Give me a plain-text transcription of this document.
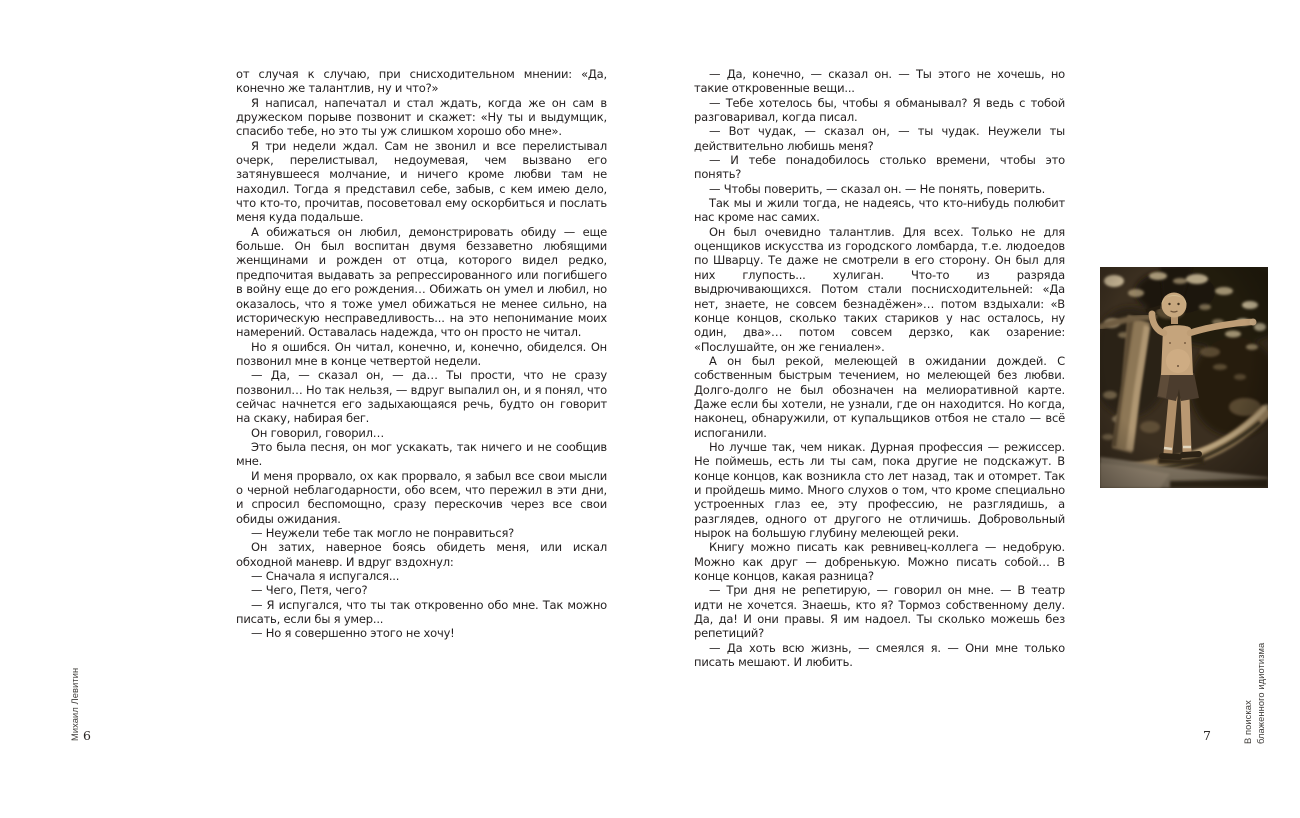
Михаил Левитин 6

от случая к случаю, при снисходительном мнении: «Да, конечно же талантлив, ну и что?»

Я написал, напечатал и стал ждать, когда же он сам в дружеском порыве позвонит и скажет: «Ну ты и выдумщик, спасибо тебе, но это ты уж слишком хорошо обо мне».

Я три недели ждал. Сам не звонил и все перелистывал очерк, перелистывал, недоумевая, чем вызвано его затянувшееся молчание, и ничего кроме любви там не находил. Тогда я представил себе, забыв, с кем имею дело, что кто-то, прочитав, посоветовал ему оскорбиться и послать меня куда подальше.

А обижаться он любил, демонстрировать обиду — еще больше. Он был воспитан двумя беззаветно любящими женщинами и рожден от отца, которого видел редко, предпочитая выдавать за репрессированного или погибшего в войну еще до его рождения… Обижать он умел и любил, но оказалось, что я тоже умел обижаться не менее сильно, на историческую несправедливость... на это непонимание моих намерений. Оставалась надежда, что он просто не читал.

Но я ошибся. Он читал, конечно, и, конечно, обиделся. Он позвонил мне в конце четвертой недели.

— Да, — сказал он, — да… Ты прости, что не сразу позвонил… Но так нельзя, — вдруг выпалил он, и я понял, что сейчас начнется его задыхающаяся речь, будто он говорит на скаку, набирая бег.

Он говорил, говорил…

Это была песня, он мог ускакать, так ничего и не сообщив мне.

И меня прорвало, ох как прорвало, я забыл все свои мысли о черной неблагодарности, обо всем, что пережил в эти дни, и спросил беспомощно, сразу перескочив через все свои обиды ожидания.

— Неужели тебе так могло не понравиться?

Он затих, наверное боясь обидеть меня, или искал обходной маневр. И вдруг вздохнул:

— Сначала я испугался...

— Чего, Петя, чего?

— Я испугался, что ты так откровенно обо мне. Так можно писать, если бы я умер...

— Но я совершенно этого не хочу!

— Да, конечно, — сказал он. — Ты этого не хочешь, но такие откровенные вещи...

— Тебе хотелось бы, чтобы я обманывал? Я ведь с тобой разговаривал, когда писал.

— Вот чудак, — сказал он, — ты чудак. Неужели ты действительно любишь меня?

— И тебе понадобилось столько времени, чтобы это понять?

— Чтобы поверить, — сказал он. — Не понять, поверить.

Так мы и жили тогда, не надеясь, что кто-нибудь полюбит нас кроме нас самих.

Он был очевидно талантлив. Для всех. Только не для оценщиков искусства из городского ломбарда, т.е. людоедов по Шварцу. Те даже не смотрели в его сторону. Он был для них глупость... хулиган. Что-то из разряда выдрючивающихся. Потом стали поснисходительней: «Да нет, знаете, не совсем безнадёжен»… потом вздыхали: «В конце концов, сколько таких стариков у нас осталось, ну один, два»… потом совсем дерзко, как озарение: «Послушайте, он же гениален».

А он был рекой, мелеющей в ожидании дождей. С собственным быстрым течением, но мелеющей без любви. Долго-долго не был обозначен на мелиоративной карте. Даже если бы хотели, не узнали, где он находится. Но когда, наконец, обнаружили, от купальщиков отбоя не стало — всё испоганили.

Но лучше так, чем никак. Дурная профессия — режиссер. Не поймешь, есть ли ты сам, пока другие не подскажут. В конце концов, как возникла сто лет назад, так и отомрет. Так и пройдешь мимо. Много слухов о том, что кроме специально устроенных глаз ее, эту профессию, не разглядишь, а разглядев, одного от другого не отличишь. Добровольный нырок на большую глубину мелеющей реки.

Книгу можно писать как ревнивец-коллега — недобрую. Можно как друг — добренькую. Можно писать собой… В конце концов, какая разница?

— Три дня не репетирую, — говорил он мне. — В театр идти не хочется. Знаешь, кто я? Тормоз собственному делу. Да, да! И они правы. Я им надоел. Ты сколько можешь без репетиций?

— Да хоть всю жизнь, — смеялся я. — Они мне только писать мешают. И любить.

В поисках блаженного идиотизма
7
